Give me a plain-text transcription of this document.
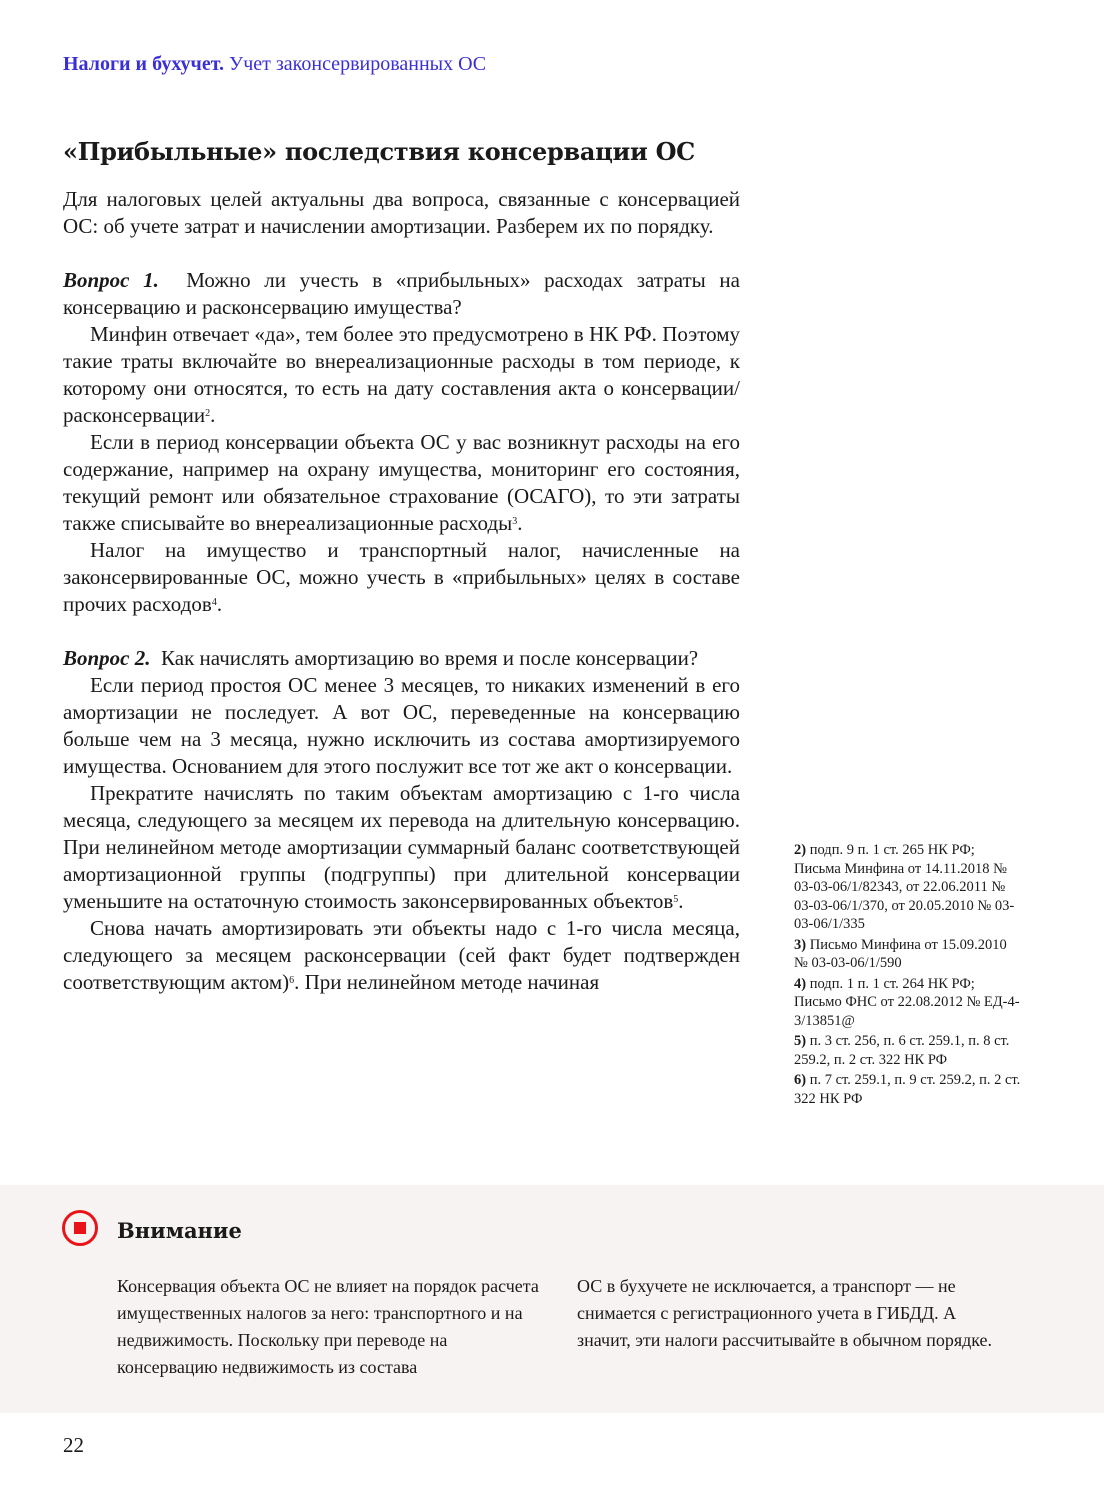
Налоги и бухучет. Учет законсервированных ОС
«Прибыльные» последствия консервации ОС

Для налоговых целей актуальны два вопроса, связанные с консервацией ОС: об учете затрат и начислении амортизации. Разберем их по порядку.

Вопрос 1. Можно ли учесть в «прибыльных» расходах затраты на консервацию и расконсервацию имущества?

Минфин отвечает «да», тем более это предусмотрено в НК РФ. Поэтому такие траты включайте во внереализационные расходы в том периоде, к которому они относятся, то есть на дату составления акта о консервации/расконсервации$^2$.

Если в период консервации объекта ОС у вас возникнут расходы на его содержание, например на охрану имущества, мониторинг его состояния, текущий ремонт или обязательное страхование (ОСАГО), то эти затраты также списывайте во внереализационные расходы$^3$.

Налог на имущество и транспортный налог, начисленные на законсервированные ОС, можно учесть в «прибыльных» целях в составе прочих расходов$^4$.

Вопрос 2. Как начислять амортизацию во время и после консервации?

Если период простоя ОС менее 3 месяцев, то никаких изменений в его амортизации не последует. А вот ОС, переведенные на консервацию больше чем на 3 месяца, нужно исключить из состава амортизируемого имущества. Основанием для этого послужит все тот же акт о консервации.

Прекратите начислять по таким объектам амортизацию с 1-го числа месяца, следующего за месяцем их перевода на длительную консервацию. При нелинейном методе амортизации суммарный баланс соответствующей амортизационной группы (подгруппы) при длительной консервации уменьшите на остаточную стоимость законсервированных объектов$^5$.

Снова начать амортизировать эти объекты надо с 1-го числа месяца, следующего за месяцем расконсервации (сей факт будет подтвержден соответствующим актом)$^6$. При нелинейном методе начиная

2) подп. 9 п. 1 ст. 265 НК РФ; Письма Минфина от 14.11.2018 № 03-03-06/1/82343, от 22.06.2011 № 03-03-06/1/370, от 20.05.2010 № 03-03-06/1/335
3) Письмо Минфина от 15.09.2010 № 03-03-06/1/590
4) подп. 1 п. 1 ст. 264 НК РФ; Письмо ФНС от 22.08.2012 № ЕД-4-3/13851@
5) п. 3 ст. 256, п. 6 ст. 259.1, п. 8 ст. 259.2, п. 2 ст. 322 НК РФ
6) п. 7 ст. 259.1, п. 9 ст. 259.2, п. 2 ст. 322 НК РФ
Внимание
Консервация объекта ОС не влияет на порядок расчета имущественных налогов за него: транспортного и на недвижимость. Поскольку при переводе на консервацию недвижимость из состава
ОС в бухучете не исключается, а транспорт — не снимается с регистрационного учета в ГИБДД. А значит, эти налоги рассчитывайте в обычном порядке.
22
